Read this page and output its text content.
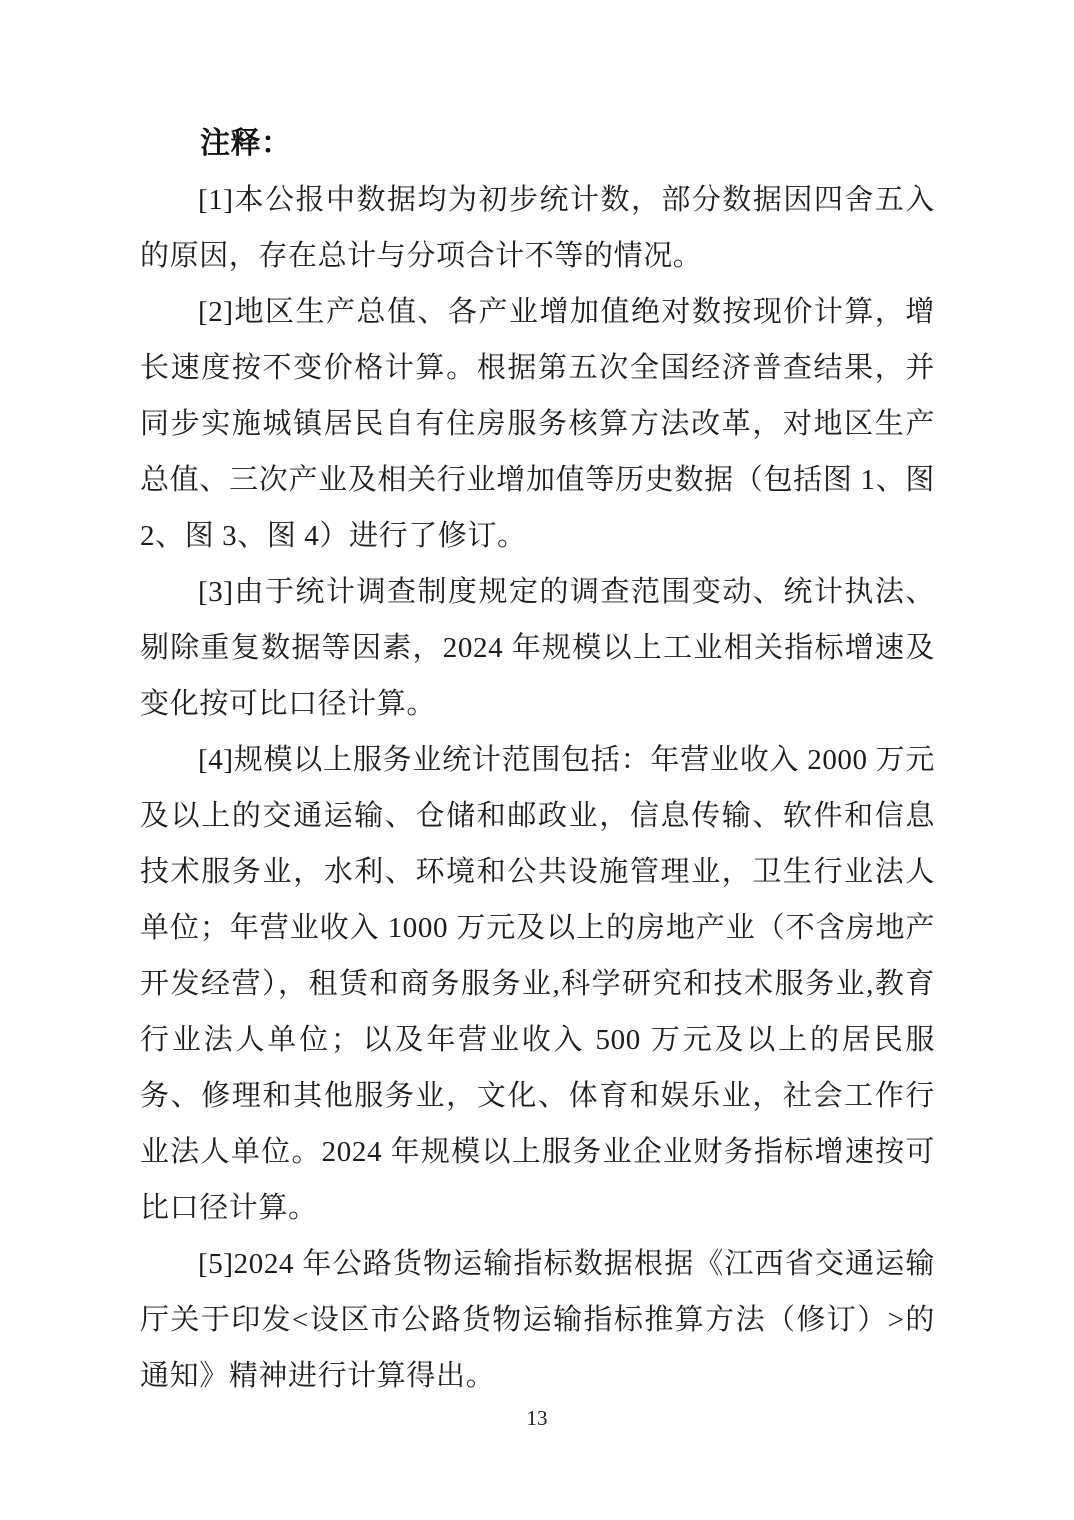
注释：

[1]本公报中数据均为初步统计数，部分数据因四舍五入的原因，存在总计与分项合计不等的情况。

[2]地区生产总值、各产业增加值绝对数按现价计算，增长速度按不变价格计算。根据第五次全国经济普查结果，并同步实施城镇居民自有住房服务核算方法改革，对地区生产总值、三次产业及相关行业增加值等历史数据（包括图 1、图 2、图 3、图 4）进行了修订。

[3]由于统计调查制度规定的调查范围变动、统计执法、剔除重复数据等因素，2024 年规模以上工业相关指标增速及变化按可比口径计算。

[4]规模以上服务业统计范围包括：年营业收入 2000 万元及以上的交通运输、仓储和邮政业，信息传输、软件和信息技术服务业，水利、环境和公共设施管理业，卫生行业法人单位；年营业收入 1000 万元及以上的房地产业（不含房地产开发经营），租赁和商务服务业,科学研究和技术服务业,教育行业法人单位；以及年营业收入 500 万元及以上的居民服务、修理和其他服务业，文化、体育和娱乐业，社会工作行业法人单位。2024 年规模以上服务业企业财务指标增速按可比口径计算。

[5]2024 年公路货物运输指标数据根据《江西省交通运输厅关于印发<设区市公路货物运输指标推算方法（修订）>的通知》精神进行计算得出。

13
